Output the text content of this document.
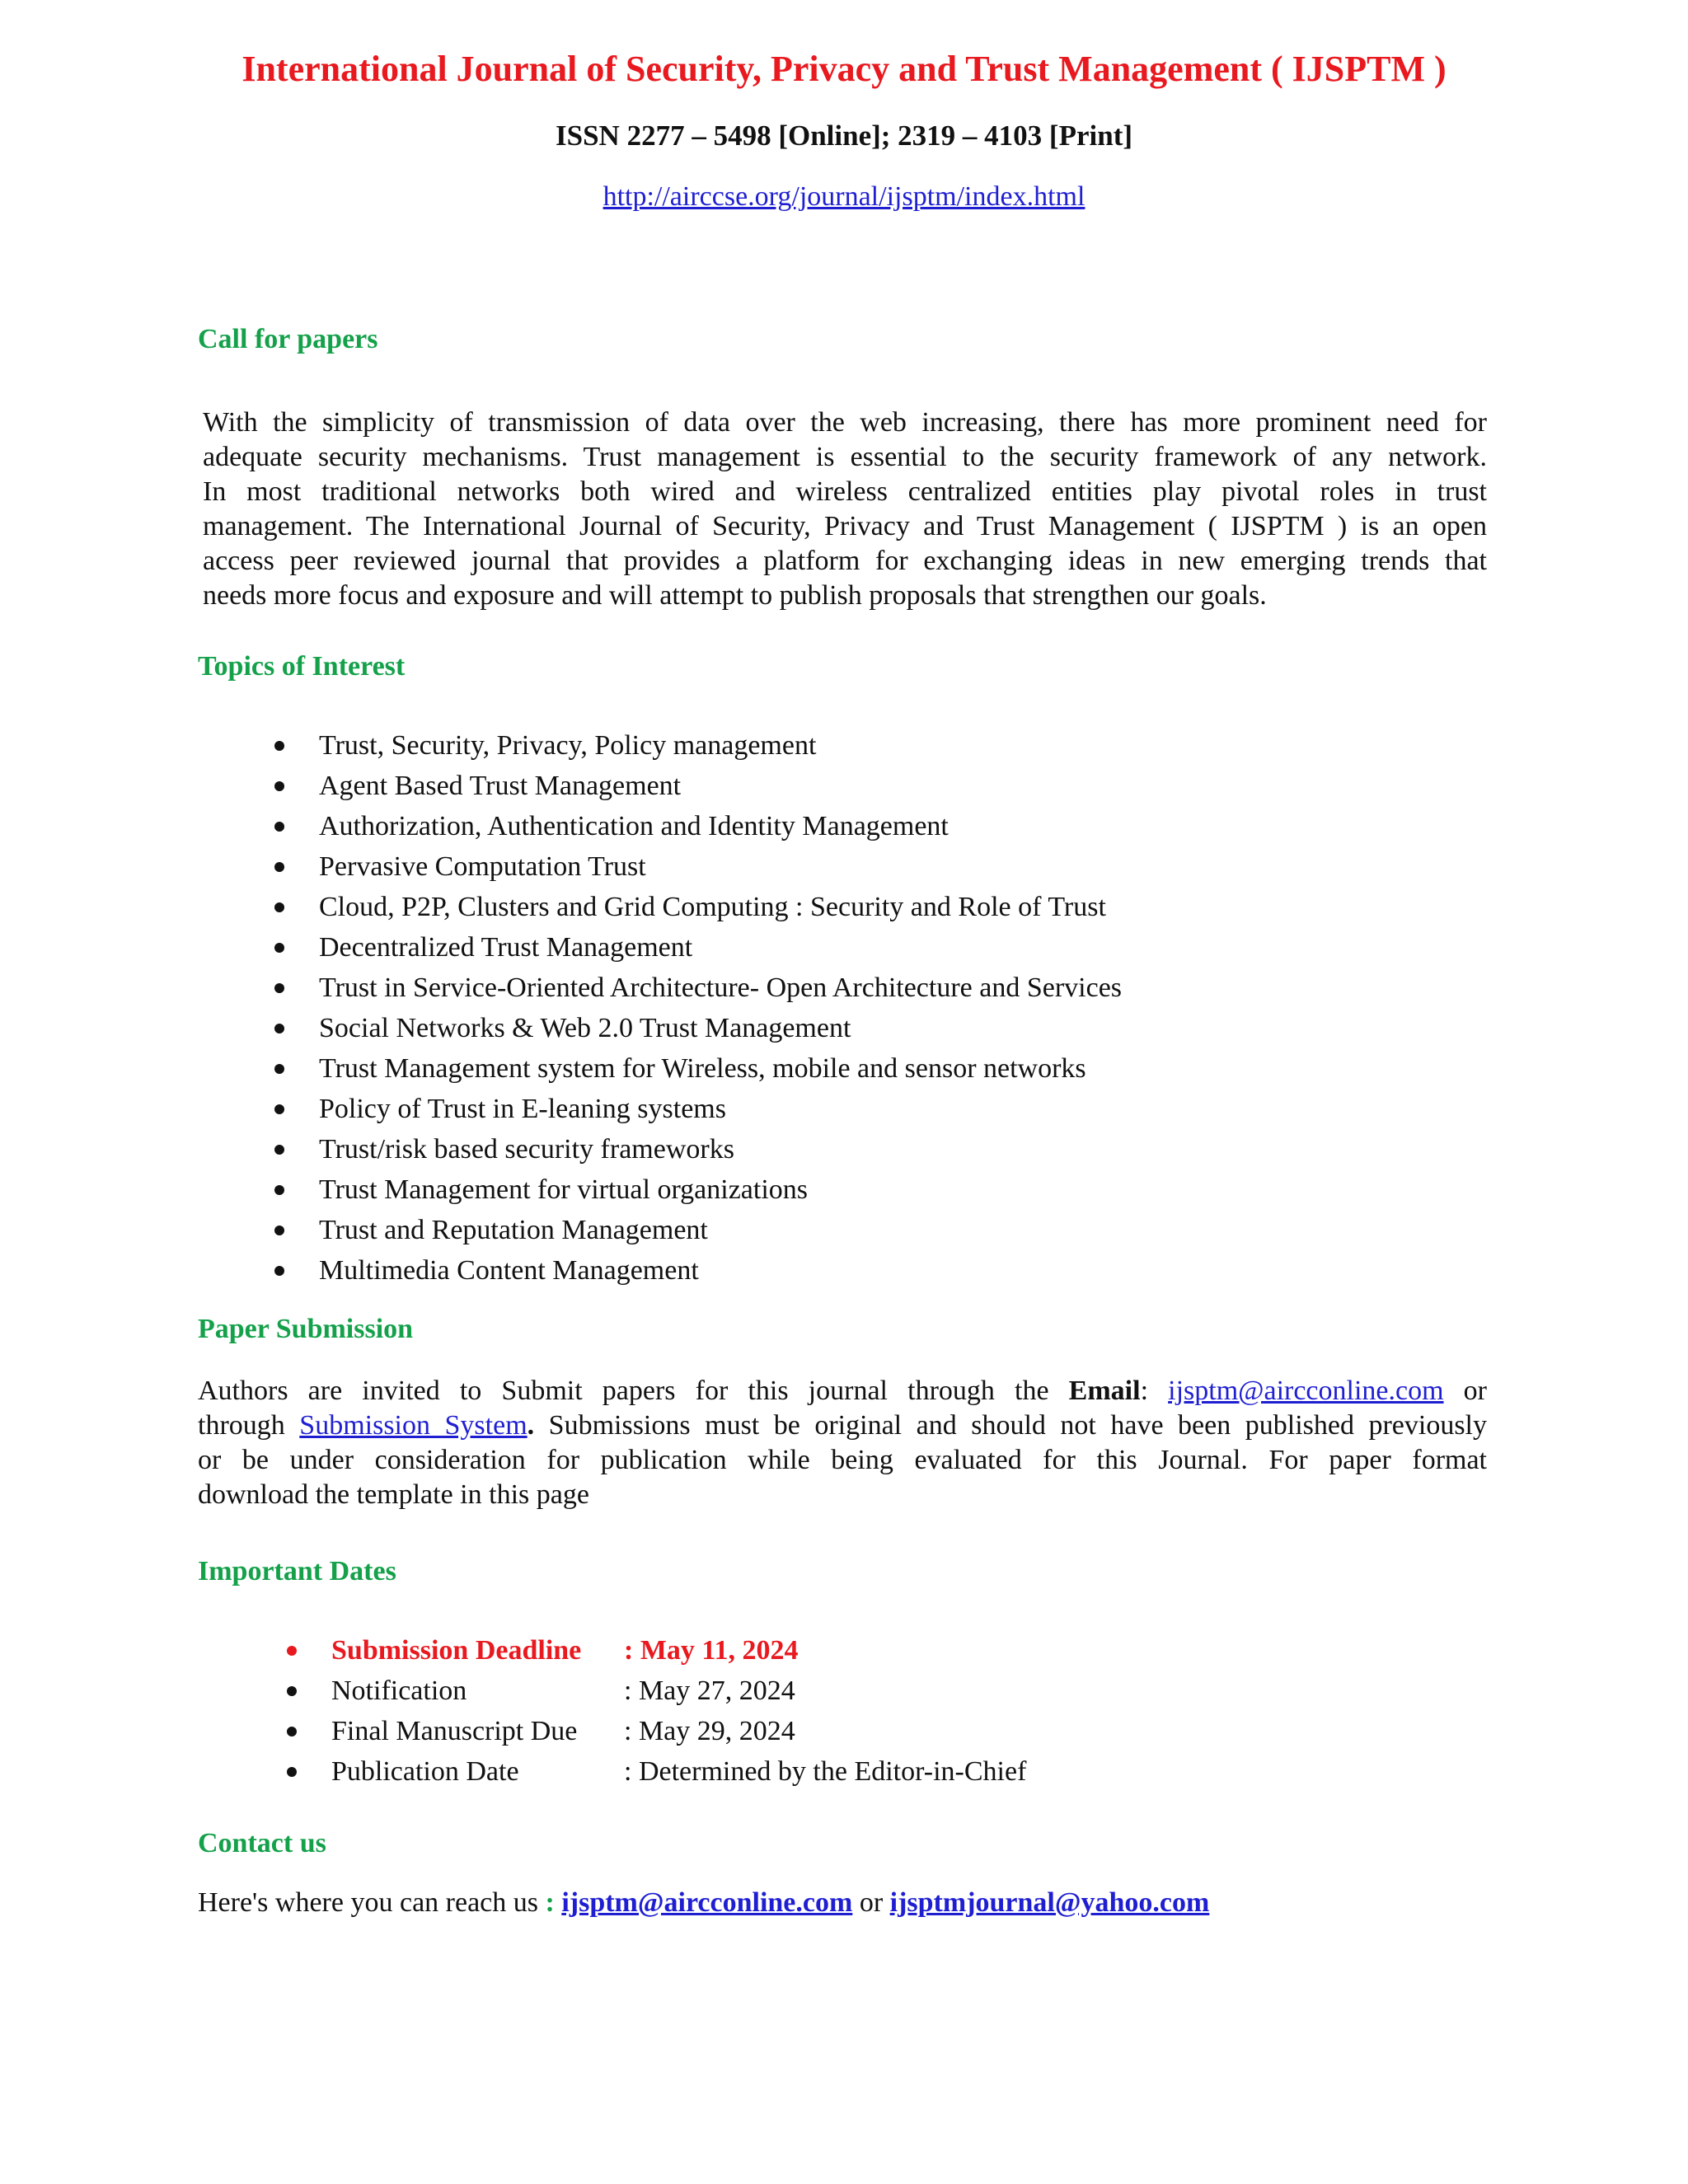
International Journal of Security, Privacy and Trust Management ( IJSPTM )
ISSN 2277 – 5498 [Online]; 2319 – 4103 [Print]
http://airccse.org/journal/ijsptm/index.html
Call for papers
With the simplicity of transmission of data over the web increasing, there has more prominent need for
adequate security mechanisms. Trust management is essential to the security framework of any network.
In most traditional networks both wired and wireless centralized entities play pivotal roles in trust
management. The International Journal of Security, Privacy and Trust Management ( IJSPTM ) is an open
access peer reviewed journal that provides a platform for exchanging ideas in new emerging trends that
needs more focus and exposure and will attempt to publish proposals that strengthen our goals.
Topics of Interest
Trust, Security, Privacy, Policy management
Agent Based Trust Management
Authorization, Authentication and Identity Management
Pervasive Computation Trust
Cloud, P2P, Clusters and Grid Computing : Security and Role of Trust
Decentralized Trust Management
Trust in Service-Oriented Architecture- Open Architecture and Services
Social Networks & Web 2.0 Trust Management
Trust Management system for Wireless, mobile and sensor networks
Policy of Trust in E-leaning systems
Trust/risk based security frameworks
Trust Management for virtual organizations
Trust and Reputation Management
Multimedia Content Management
Paper Submission
Authors are invited to Submit papers for this journal through the Email: ijsptm@aircconline.com or
through Submission System. Submissions must be original and should not have been published previously
or be under consideration for publication while being evaluated for this Journal. For paper format
download the template in this page
Important Dates
Submission Deadline : May 11, 2024
Notification	: May 27, 2024
Final Manuscript Due : May 29, 2024
Publication Date	: Determined by the Editor-in-Chief
Contact us
Here's where you can reach us : ijsptm@aircconline.com or ijsptmjournal@yahoo.com
